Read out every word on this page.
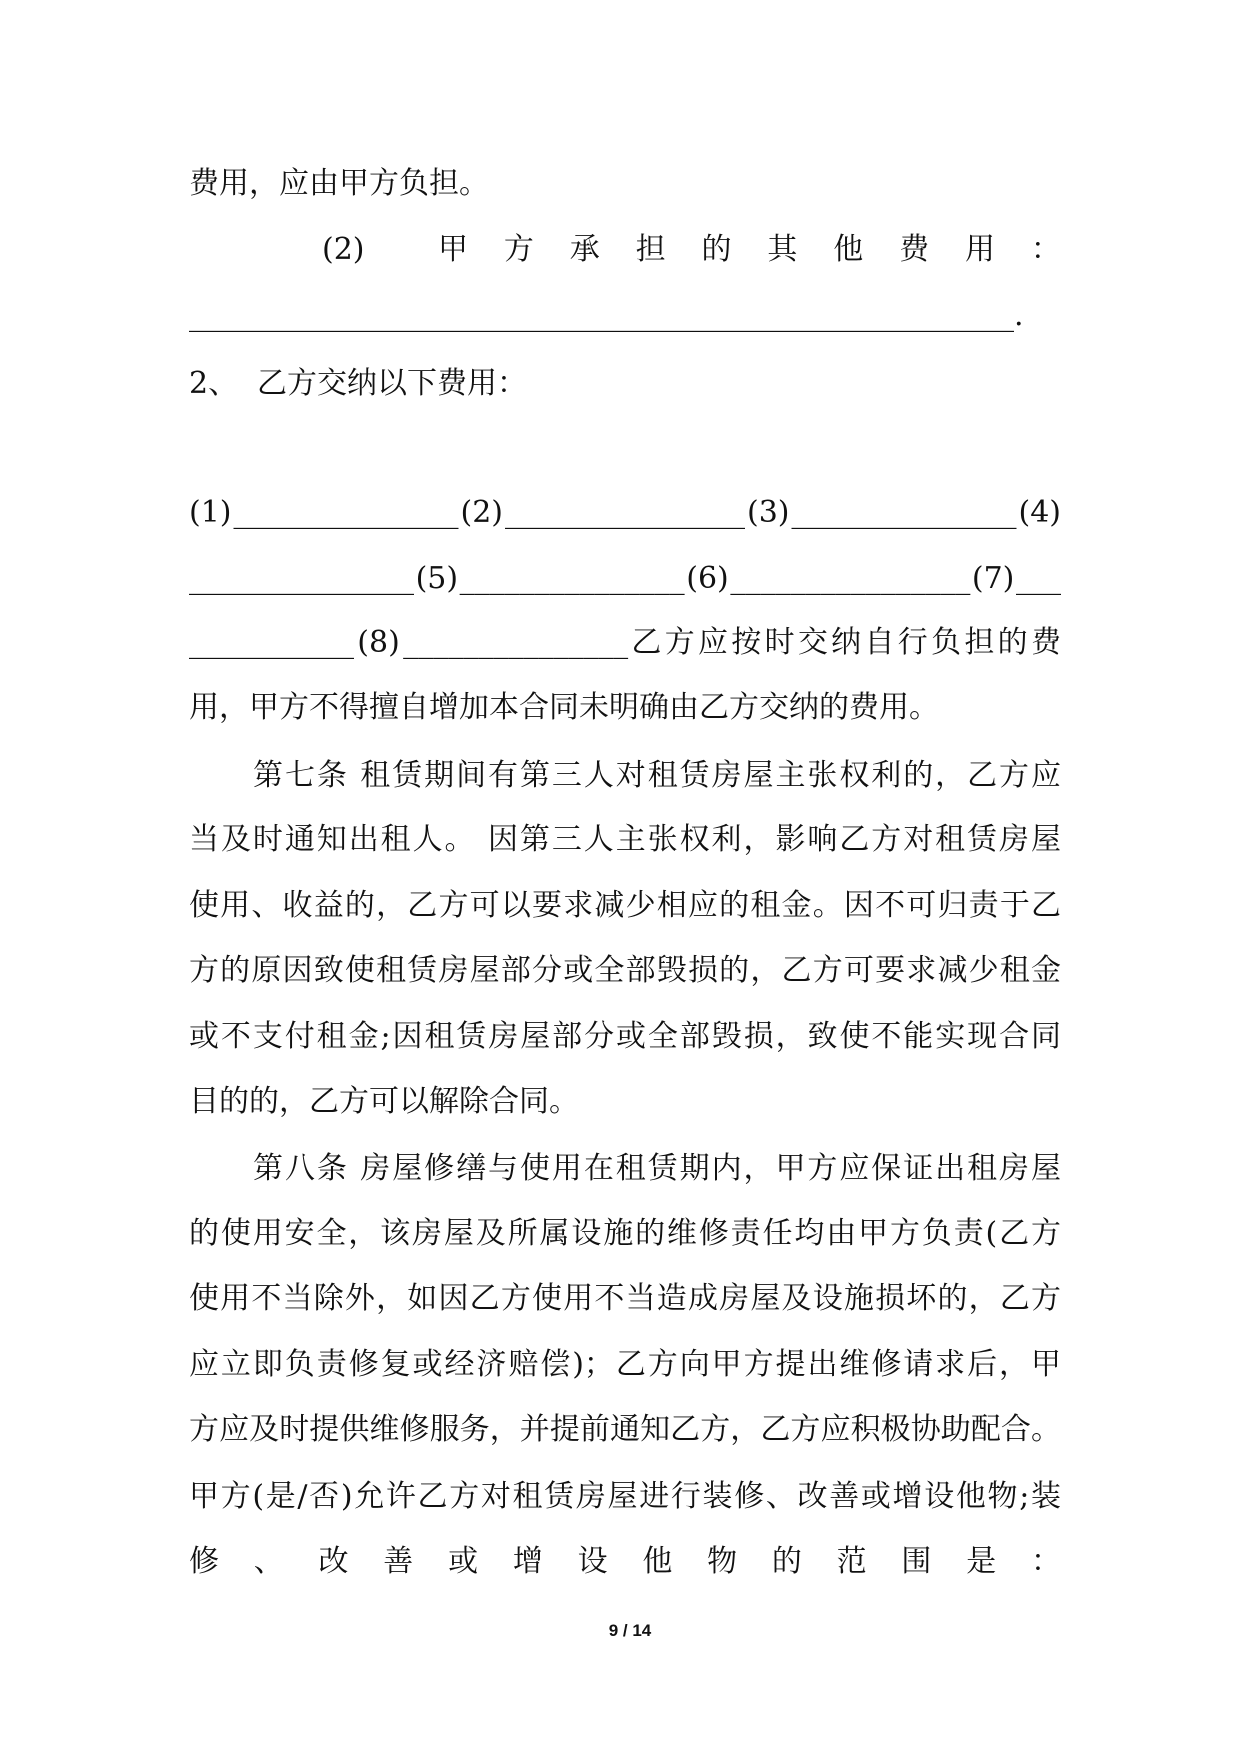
费用，应由甲方负担。
(2) 甲 方 承 担 的 其 他 费 用 ：
_______________________________________________________.
2、 乙方交纳以下费用：
(1) _______________ (2) ________________ (3) _______________ (4)
_______________ (5) _______________ (6) ________________ (7) ___
___________ (8) _______________ 乙 方 应 按 时 交 纳 自 行 负 担 的 费
用，甲方不得擅自增加本合同未明确由乙方交纳的费用。
第七条 租赁期间有第三人对租赁房屋主张权利的，乙方应
当及时通知出租人。 因第三人主张权利，影响乙方对租赁房屋
使用、收益的，乙方可以要求减少相应的租金。因不可归责于乙
方的原因致使租赁房屋部分或全部毁损的，乙方可要求减少租金
或不支付租金;因租赁房屋部分或全部毁损，致使不能实现合同
目的的，乙方可以解除合同。
第八条 房屋修缮与使用在租赁期内，甲方应保证出租房屋
的使用安全，该房屋及所属设施的维修责任均由甲方负责(乙方
使用不当除外，如因乙方使用不当造成房屋及设施损坏的，乙方
应立即负责修复或经济赔偿)；乙方向甲方提出维修请求后，甲
方应及时提供维修服务，并提前通知乙方，乙方应积极协助配合。
甲方(是/否)允许乙方对租赁房屋进行装修、改善或增设他物;装
修 、 改 善 或 增 设 他 物 的 范 围 是 ：
9 / 14
